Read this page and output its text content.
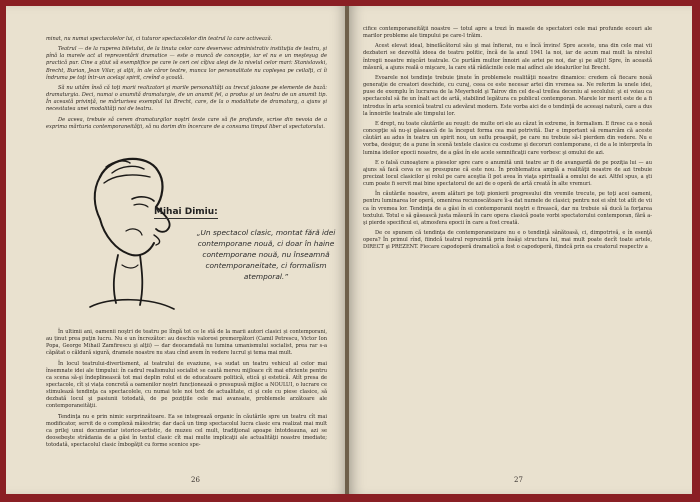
minat, nu numai spectacolelor lui, ci tuturor spectacolelor din teatrul la care activează.

Teatrul — de la ruperea biletului, de la tinuta celor care deservesc administrativ instituţia de teatru, şi pînă la marele act al reprezentării dramatice — este o muncă de concepţie, iar el nu e un meşteşug de practică pur. Cine a ştiut să exemplifice pe care le ceri cei cîţiva aleşi de la nivelul celor mari: Stanislavski, Brecht, Burian, Jean Vilar, şi alţii, în ale căror teatre, munca lor personalitate nu copleşea pe ceilalţi, ci îi îndruma pe toţi într-un acelaşi spirit, creînd o şcoală.

Să nu uităm însă că toţi marii realizatori şi marile personalităţi au trecut jaloane pe elemente de bază: dramaturgia. Deci, numai o anumită dramaturgie, de un anumit fel, a produs şi un teatru de un anumit tip. În această privinţă, ne mărturisea exemplul lui Brecht, care, de la o modalitate de dramaturg, a ajuns şi necesitatea unei modalităţi noi de teatru.

De aceea, trebuie să cerem dramaturgilor noştri texte care să fie profunde, scrise din nevoia de a exprima mărturia contemporaneităţii, să nu dorim din încercare de a consuma timpul liber al spectatorului.

Mihai Dimiu:
„Un spectacol clasic, montat fără idei contemporane nouă, ci doar în haine contemporane nouă, nu înseamnă contemporaneitate, ci formalism atemporal.”

În ultimii ani, oamenii noştri de teatru pe lîngă tot ce le stă de la marii autori clasici și contemporani, au ținut prea puţin lucru. Nu e un încrezător: au deschis valorosi premergători (Camil Petrescu, Victor Ion Popa, George Mihail Zamfirescu şi alţii) — dar deocamdată nu lumina umanismului socialist, prea rar s-a căpătat o căldură sigură, dramele noastre nu stau cînd avem în vedere lucrul şi tema mai mult.

În locul teatrului-divertisment, al teatrului de evaziune, s-a sudat un teatru vehicul al celor mai însemnate idei ale timpului: în cadrul realismului socialist se caută mereu mijloace cît mai eficiente pentru ca scena să-şi îndeplinească tot mai deplin rolul ei de educatoare politică, etică şi estetică. Atît presa de spectacole, cît și viața concretă a oamenilor noștri funcționează o presupusă mijloc a NOULUI, o lucrare ce stimulează tendinţa ca spectacolele, cu numai tele noi text de actualitate, ci şi cele cu piese clasice, să dezbată locul şi pasiunii totodată, de pe poziţiile cele mai avansate, problemele arzătoare ale contemporaneităţii.

Tendinţa nu e prin nimic surprinzătoare. Ea se integrează organic în căutările spre un teatru cît mai modificator, servit de o complexă măiestrie; dar dacă un timp spectacolul lucra clasic era realizat mai mult ca prilej unui documentar istorico-artistic, de muzeu cel mult, tradiţional apoape întotdeauna, azi se deosebeşte strădania de a găsi în textul clasic cît mai multe implicaţii ale actualităţii noastre imediate; totodată, spectacolul clasic îmbogăţit cu forme scenice spe-

26

cifice contemporaneităţii noastre — totul apre a trezi în masele de spectatori cele mai profunde ecouri ale marilor probleme ale timpului pe care-l trăim.

Acest elevat ideal, binefăcătorul său şi mai înfierat, nu e încă învins! Spre aceste, una din cele mai vii dezbateri se dezvoltă ideea de teatru politic, încă de la anul 1941 la noi, iar de acum mai mult la nivelul întregii noastre mişcări teatrale. Ce purtăm multor înnoiri ale artei pe noi, dar şi pe alţii! Spre, în această măsură, a ajuns reală o mişcare, la care stă rădăcinile cele mai adînci ale idealurilor lui Brecht.

Evoarele noi tendinţe trebuie ţinute în problemele realităţii noastre dinamice: credem că fiecare nouă generaţie de creatori deschide, cu curaj, ceea ce este necesar artei din vremea sa. Ne referim la unele idei, puse de exemplu în lucrarea de la Meyerhold şi Tairov din cel de-al treilea deceniu al secolului: şi ei voiau ca spectacolul să fie un înalt act de artă, stabilind legătura cu publicul contemporan. Marele lor merit este de a fi introdus în arta scenică teatrul cu adevărat modern. Este vorba aici de o tendinţă de aceeaşi natură, care a dus la înnoirile teatrale ale timpului lor.

E drept, nu toate căutările au reuşit: de multe ori ele au căzut în extreme, în formalism. E firesc ca o nouă concepţie să nu-şi găsească de la început forma cea mai potrivită. Dar e important să remarcăm că aceste căutări au adus în teatru un spirit nou, un suflu proaspăt, pe care nu trebuie să-l pierdem din vedere. Nu e vorba, desigur, de a pune în scenă textele clasice cu costume şi decoruri contemporane, ci de a le interpreta în lumina ideilor epocii noastre, de a găsi în ele acele semnificaţii care vorbesc şi omului de azi.

E o falsă cunoaştere a pieselor spre care o anumită unii teatre ar fi de avangardă de pe poziţia lui — au ajuns să facă ceva ce se presupune că este nou. În problematica amplă a realităţii noastre de azi trebuie precizat locul clasicilor şi rolul pe care aceştia îl pot avea în viaţa spirituală a omului de azi. Altfel spus, a şti cum poate fi servit mai bine spectatorul de azi de o operă de artă creată în alte vremuri.

În căutările noastre, avem alături pe toţi pionierii progresului din vremile trecute, pe toţi acei oameni, pentru luminarea lor operă, omenirea recunoscătoare îi-a dat numele de clasici; pentru noi ei sînt tot atît de vii ca în vremea lor. Tendinţa de a găsi în ei contemporanii noştri e firească, dar nu trebuie să ducă la forţarea textului. Totul e să găsească justa măsură în care opera clasică poate vorbi spectatorului contemporan, fără a-şi pierde specificul ei, atmosfera epocii în care a fost creată.

De ce spunem că tendinţa de contemporaneizare nu e o tendinţă sănătoasă, ci, dimpotrivă, e în esenţă opera? În primul rînd, fiindcă teatrul reprezintă prin însăşi structura lui, mai mult poate decît toate artele, DIRECT şi PREZENT. Fiecare capodoperă dramatică a fost o capodoperă, fiindcă prin ea creatorul respectiv a

27
